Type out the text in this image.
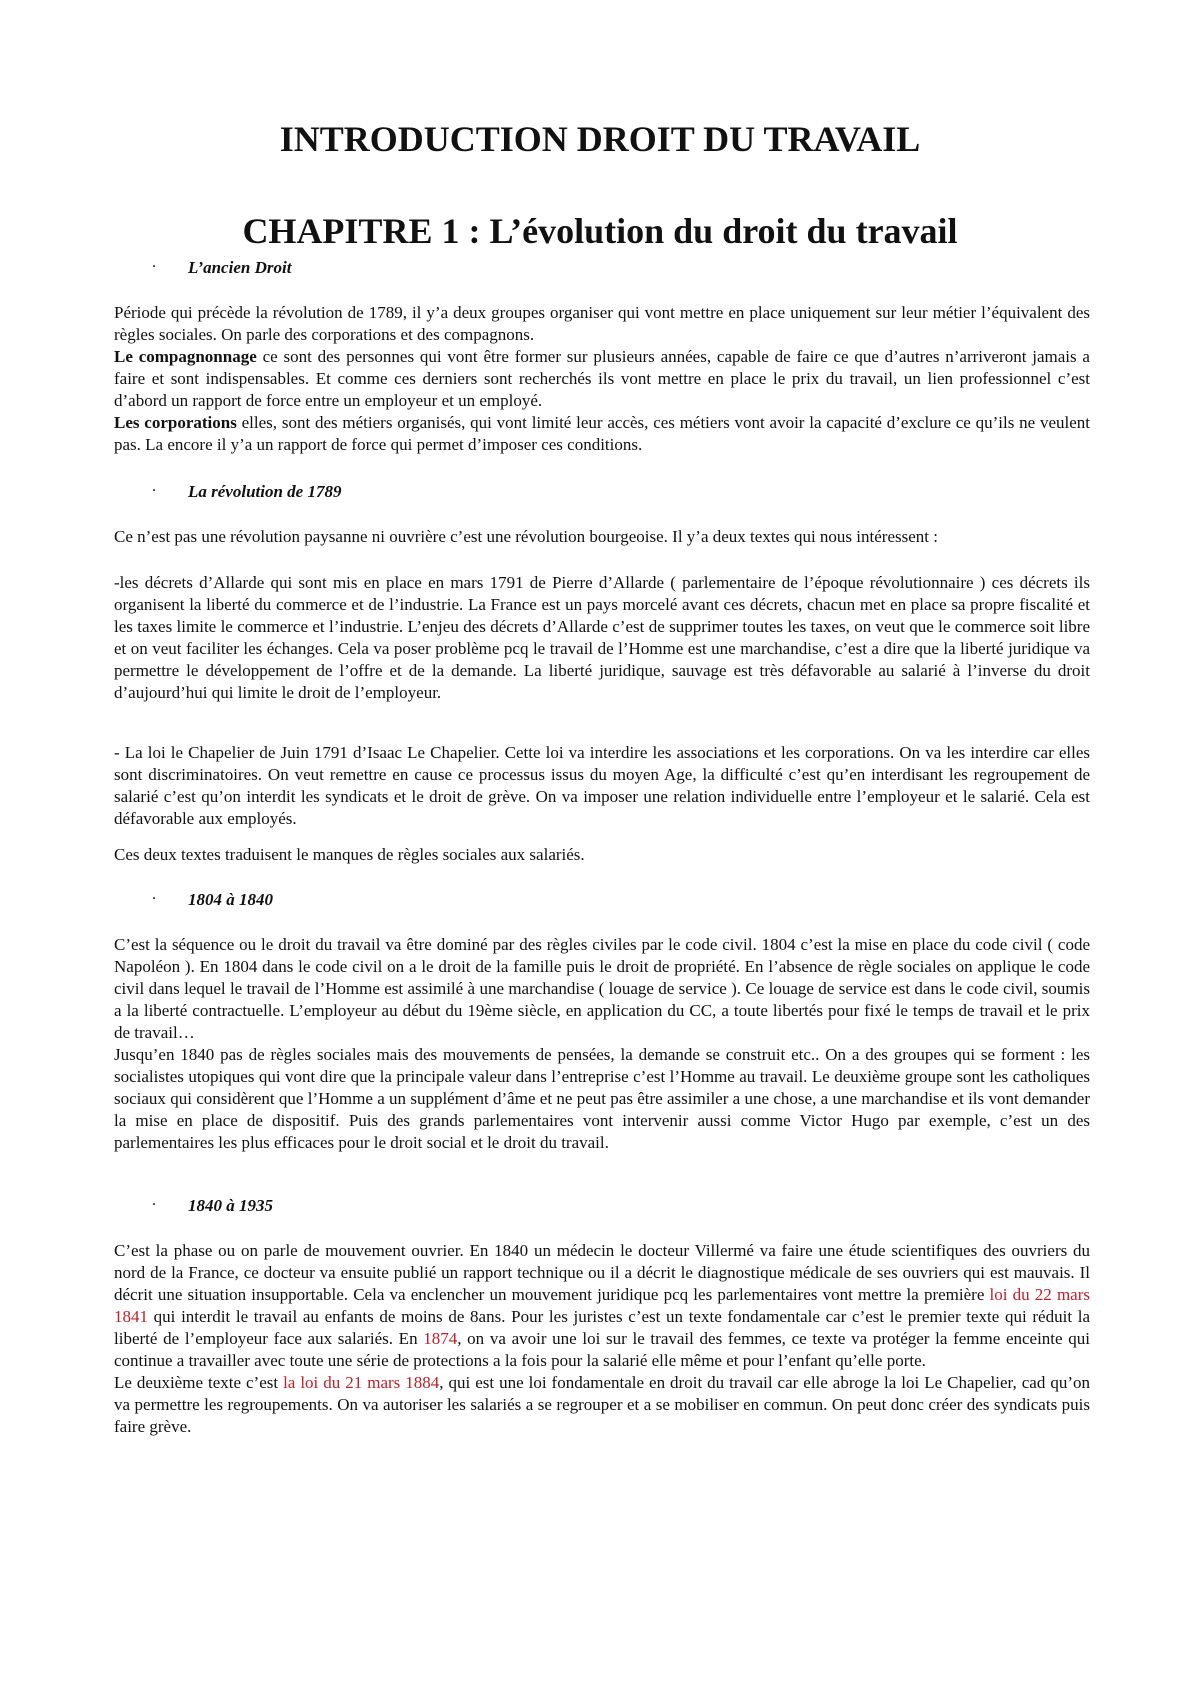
INTRODUCTION DROIT DU TRAVAIL
CHAPITRE 1 : L’évolution du droit du travail

· L’ancien Droit

Période qui précède la révolution de 1789, il y’a deux groupes organiser qui vont mettre en place uniquement sur leur métier l’équivalent des règles sociales. On parle des corporations et des compagnons.
Le compagnonnage ce sont des personnes qui vont être former sur plusieurs années, capable de faire ce que d’autres n’arriveront jamais a faire et sont indispensables. Et comme ces derniers sont recherchés ils vont mettre en place le prix du travail, un lien professionnel c’est d’abord un rapport de force entre un employeur et un employé.
Les corporations elles, sont des métiers organisés, qui vont limité leur accès, ces métiers vont avoir la capacité d’exclure ce qu’ils ne veulent pas. La encore il y’a un rapport de force qui permet d’imposer ces conditions.

· La révolution de 1789

Ce n’est pas une révolution paysanne ni ouvrière c’est une révolution bourgeoise. Il y’a deux textes qui nous intéressent :

-les décrets d’Allarde qui sont mis en place en mars 1791 de Pierre d’Allarde ( parlementaire de l’époque révolutionnaire ) ces décrets ils organisent la liberté du commerce et de l’industrie. La France est un pays morcelé avant ces décrets, chacun met en place sa propre fiscalité et les taxes limite le commerce et l’industrie. L’enjeu des décrets d’Allarde c’est de supprimer toutes les taxes, on veut que le commerce soit libre et on veut faciliter les échanges. Cela va poser problème pcq le travail de l’Homme est une marchandise, c’est a dire que la liberté juridique va permettre le développement de l’offre et de la demande. La liberté juridique, sauvage est très défavorable au salarié à l’inverse du droit d’aujourd’hui qui limite le droit de l’employeur.

- La loi le Chapelier de Juin 1791 d’Isaac Le Chapelier. Cette loi va interdire les associations et les corporations. On va les interdire car elles sont discriminatoires. On veut remettre en cause ce processus issus du moyen Age, la difficulté c’est qu’en interdisant les regroupement de salarié c’est qu’on interdit les syndicats et le droit de grève. On va imposer une relation individuelle entre l’employeur et le salarié. Cela est défavorable aux employés.

Ces deux textes traduisent le manques de règles sociales aux salariés.

· 1804 à 1840

C’est la séquence ou le droit du travail va être dominé par des règles civiles par le code civil. 1804 c’est la mise en place du code civil ( code Napoléon ). En 1804 dans le code civil on a le droit de la famille puis le droit de propriété. En l’absence de règle sociales on applique le code civil dans lequel le travail de l’Homme est assimilé à une marchandise ( louage de service ). Ce louage de service est dans le code civil, soumis a la liberté contractuelle. L’employeur au début du 19ème siècle, en application du CC, a toute libertés pour fixé le temps de travail et le prix de travail…
Jusqu’en 1840 pas de règles sociales mais des mouvements de pensées, la demande se construit etc.. On a des groupes qui se forment : les socialistes utopiques qui vont dire que la principale valeur dans l’entreprise c’est l’Homme au travail. Le deuxième groupe sont les catholiques sociaux qui considèrent que l’Homme a un supplément d’âme et ne peut pas être assimiler a une chose, a une marchandise et ils vont demander la mise en place de dispositif. Puis des grands parlementaires vont intervenir aussi comme Victor Hugo par exemple, c’est un des parlementaires les plus efficaces pour le droit social et le droit du travail.

· 1840 à 1935

C’est la phase ou on parle de mouvement ouvrier. En 1840 un médecin le docteur Villermé va faire une étude scientifiques des ouvriers du nord de la France, ce docteur va ensuite publié un rapport technique ou il a décrit le diagnostique médicale de ses ouvriers qui est mauvais. Il décrit une situation insupportable. Cela va enclencher un mouvement juridique pcq les parlementaires vont mettre la première loi du 22 mars 1841 qui interdit le travail au enfants de moins de 8ans. Pour les juristes c’est un texte fondamentale car c’est le premier texte qui réduit la liberté de l’employeur face aux salariés. En 1874, on va avoir une loi sur le travail des femmes, ce texte va protéger la femme enceinte qui continue a travailler avec toute une série de protections a la fois pour la salarié elle même et pour l’enfant qu’elle porte.
Le deuxième texte c’est la loi du 21 mars 1884, qui est une loi fondamentale en droit du travail car elle abroge la loi Le Chapelier, cad qu’on va permettre les regroupements. On va autoriser les salariés a se regrouper et a se mobiliser en commun. On peut donc créer des syndicats puis faire grève.
